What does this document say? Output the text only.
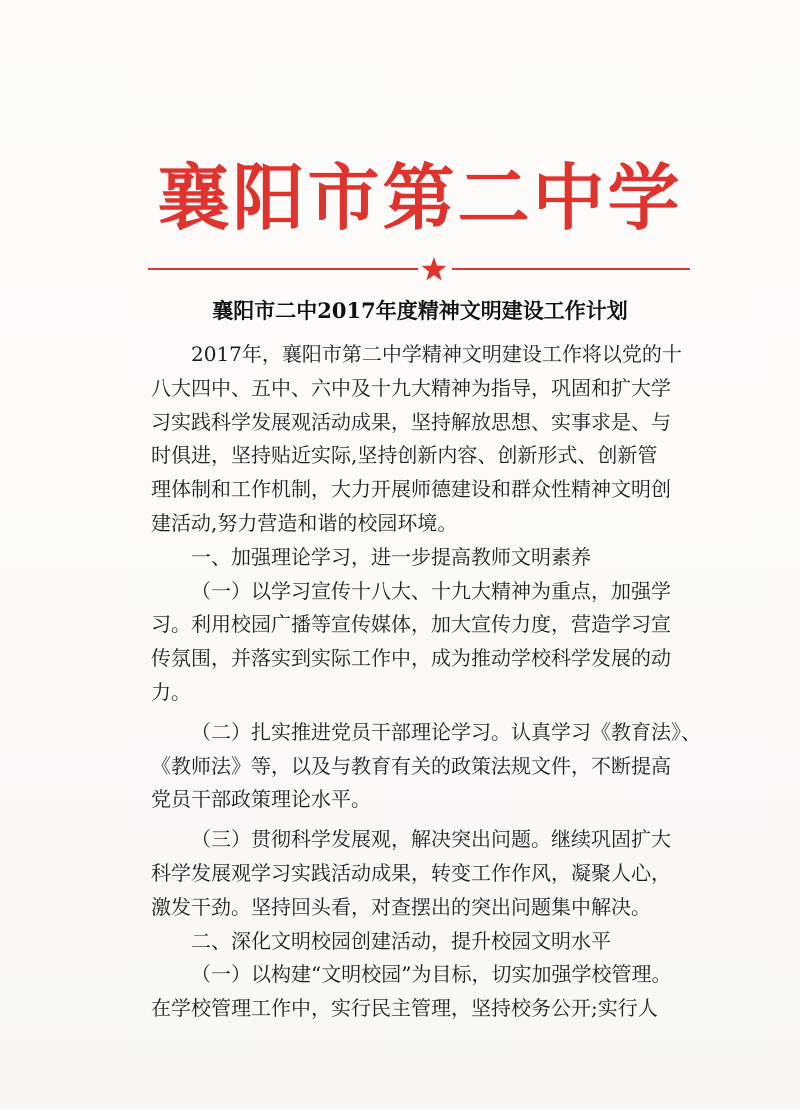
襄阳市第二中学
襄阳市二中2017年度精神文明建设工作计划

2017年，襄阳市第二中学精神文明建设工作将以党的十
八大四中、五中、六中及十九大精神为指导，巩固和扩大学
习实践科学发展观活动成果，坚持解放思想、实事求是、与
时俱进，坚持贴近实际,坚持创新内容、创新形式、创新管
理体制和工作机制，大力开展师德建设和群众性精神文明创
建活动,努力营造和谐的校园环境。

一、加强理论学习，进一步提高教师文明素养

（一）以学习宣传十八大、十九大精神为重点，加强学
习。利用校园广播等宣传媒体，加大宣传力度，营造学习宣
传氛围，并落实到实际工作中，成为推动学校科学发展的动
力。

（二）扎实推进党员干部理论学习。认真学习《教育法》、
《教师法》等，以及与教育有关的政策法规文件，不断提高
党员干部政策理论水平。

（三）贯彻科学发展观，解决突出问题。继续巩固扩大
科学发展观学习实践活动成果，转变工作作风，凝聚人心，
激发干劲。坚持回头看，对查摆出的突出问题集中解决。

二、深化文明校园创建活动，提升校园文明水平

（一）以构建“文明校园”为目标，切实加强学校管理。
在学校管理工作中，实行民主管理，坚持校务公开;实行人
